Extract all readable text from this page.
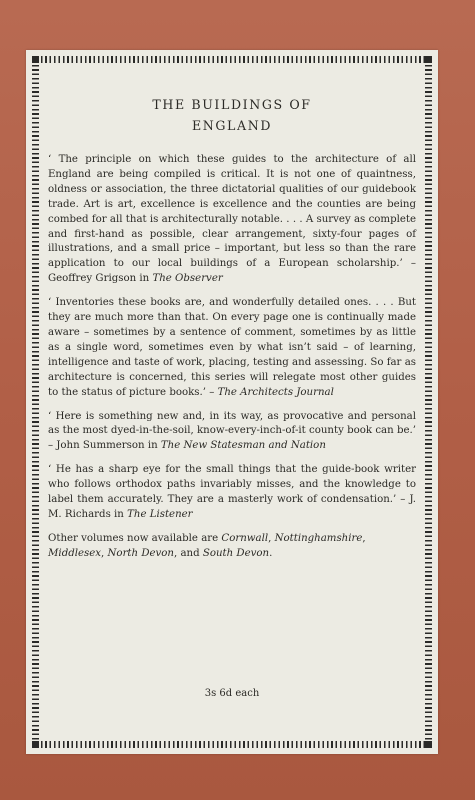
THE BUILDINGS OF
ENGLAND

‘ The principle on which these guides to the architecture of all England are being compiled is critical. It is not one of quaintness, oldness or association, the three dictatorial qualities of our guidebook trade. Art is art, excellence is excellence and the counties are being combed for all that is architecturally notable. . . . A survey as complete and first-hand as possible, clear arrangement, sixty-four pages of illustrations, and a small price – important, but less so than the rare application to our local buildings of a European scholarship.’ – Geoffrey Grigson in The Observer

‘ Inventories these books are, and wonderfully detailed ones. . . . But they are much more than that. On every page one is continually made aware – sometimes by a sentence of comment, sometimes by as little as a single word, sometimes even by what isn’t said – of learning, intelligence and taste of work, placing, testing and assessing. So far as architecture is concerned, this series will relegate most other guides to the status of picture books.’ – The Architects Journal

‘ Here is something new and, in its way, as provocative and personal as the most dyed-in-the-soil, know-every-inch-of-it county book can be.’ – John Summerson in The New Statesman and Nation

‘ He has a sharp eye for the small things that the guide-book writer who follows orthodox paths invariably misses, and the knowledge to label them accurately. They are a masterly work of condensation.’ – J. M. Richards in The Listener

Other volumes now available are Cornwall, Nottinghamshire, Middlesex, North Devon, and South Devon.

3s 6d each
